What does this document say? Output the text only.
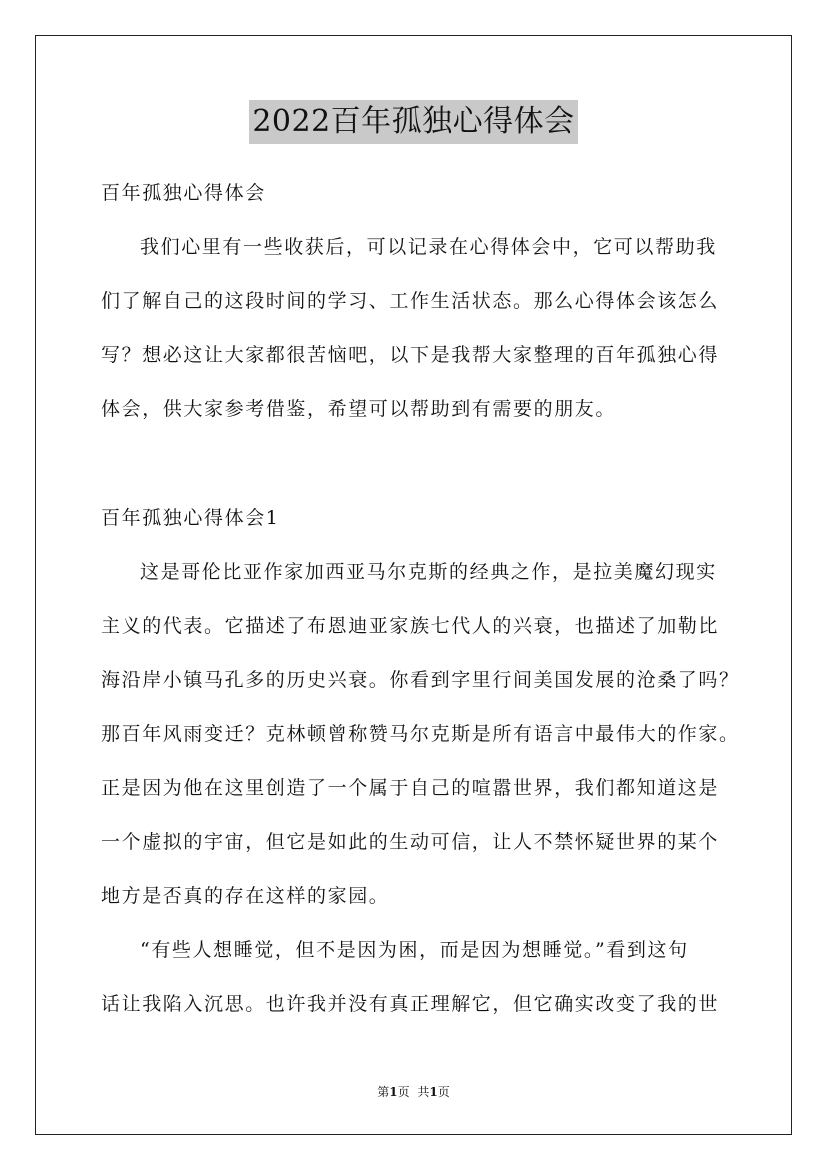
2022百年孤独心得体会
百年孤独心得体会
我们心里有一些收获后，可以记录在心得体会中，它可以帮助我
们了解自己的这段时间的学习、工作生活状态。那么心得体会该怎么
写？想必这让大家都很苦恼吧，以下是我帮大家整理的百年孤独心得
体会，供大家参考借鉴，希望可以帮助到有需要的朋友。
百年孤独心得体会1
这是哥伦比亚作家加西亚马尔克斯的经典之作，是拉美魔幻现实
主义的代表。它描述了布恩迪亚家族七代人的兴衰，也描述了加勒比
海沿岸小镇马孔多的历史兴衰。你看到字里行间美国发展的沧桑了吗？
那百年风雨变迁？克林顿曾称赞马尔克斯是所有语言中最伟大的作家。
正是因为他在这里创造了一个属于自己的喧嚣世界，我们都知道这是
一个虚拟的宇宙，但它是如此的生动可信，让人不禁怀疑世界的某个
地方是否真的存在这样的家园。
“有些人想睡觉，但不是因为困，而是因为想睡觉。”看到这句
话让我陷入沉思。也许我并没有真正理解它，但它确实改变了我的世
第1页 共1页
